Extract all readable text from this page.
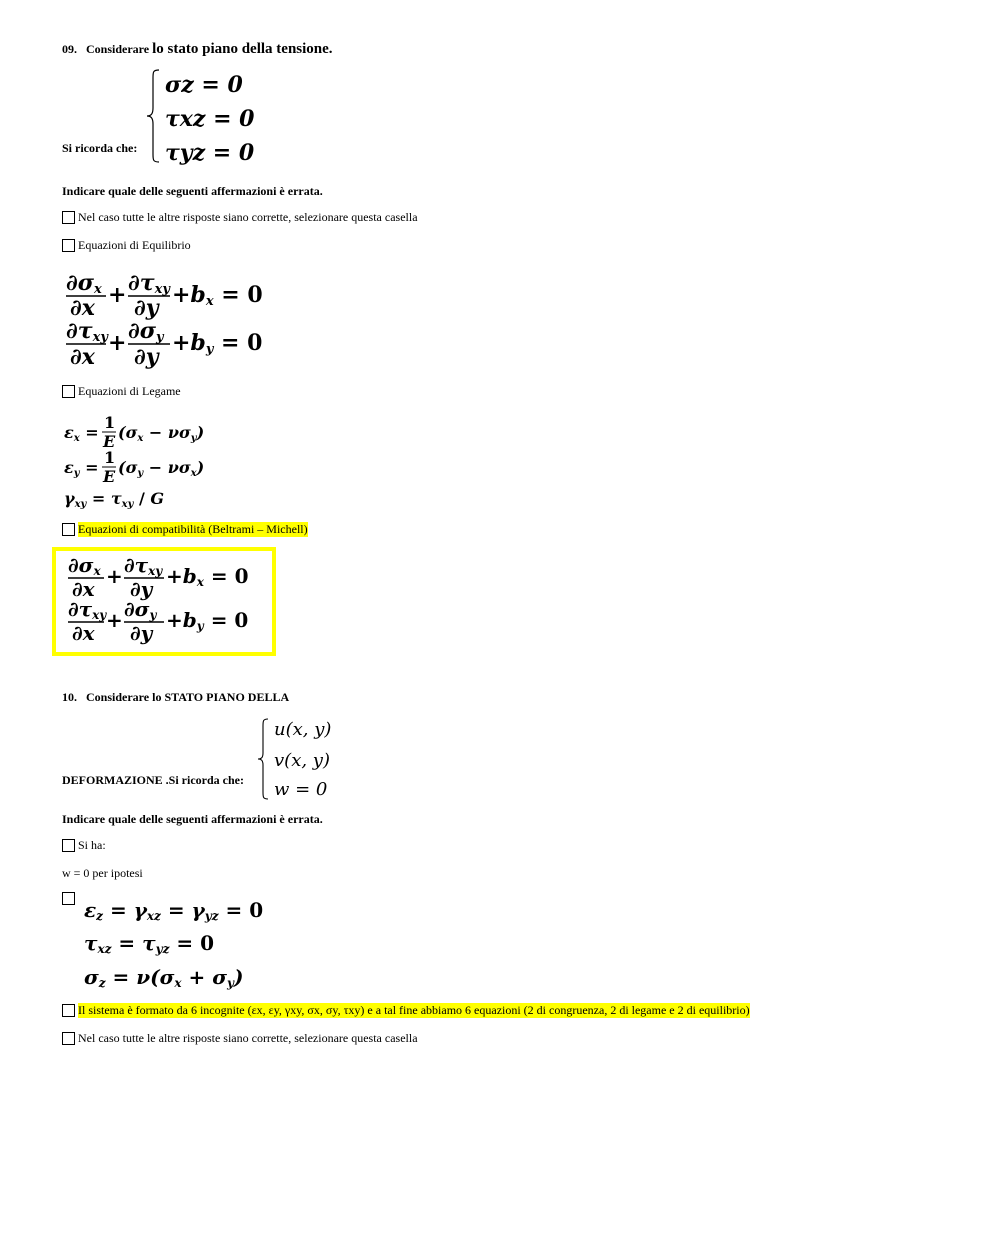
09. Considerare lo stato piano della tensione.
Si ricorda che:
σz = 0
τxz = 0
τyz = 0
Indicare quale delle seguenti affermazioni è errata.
Nel caso tutte le altre risposte siano corrette, selezionare questa casella
Equazioni di Equilibrio
∂σx
∂x + ∂τxy
∂y +bx = 0
∂τxy
∂x
+ ∂σy
∂y
+by = 0
Equazioni di Legame
εx =
1
E (σx − νσy)
εy =
1
E (σy − νσx)
γxy = τxy / G
Equazioni di compatibilità (Beltrami – Michell)
∂σx
∂x
+ ∂τxy
∂y
+bx = 0
∂τxy
∂x
+ ∂σy
∂y
+by = 0
10. Considerare lo STATO PIANO DELLA
DEFORMAZIONE .Si ricorda che:
u(x, y)
v(x, y)
w = 0
Indicare quale delle seguenti affermazioni è errata.
Si ha:
w = 0 per ipotesi
εz = γxz = γyz = 0
τxz = τyz = 0
σz = ν(σx + σy)
Il sistema è formato da 6 incognite (εx, εy, γxy, σx, σy, τxy) e a tal fine abbiamo 6 equazioni (2 di congruenza, 2 di legame e 2 di equilibrio)
Nel caso tutte le altre risposte siano corrette, selezionare questa casella
